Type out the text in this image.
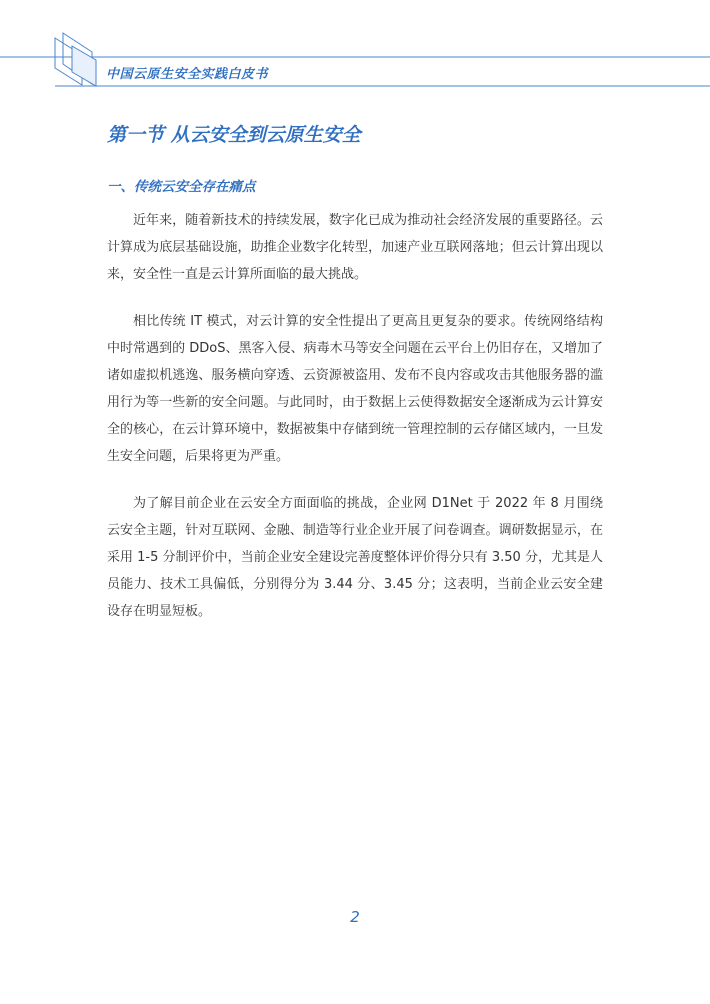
中国云原生安全实践白皮书
第一节 从云安全到云原生安全
一、传统云安全存在痛点

近年来，随着新技术的持续发展，数字化已成为推动社会经济发展的重要路径。云计算成为底层基础设施，助推企业数字化转型，加速产业互联网落地；但云计算出现以来，安全性一直是云计算所面临的最大挑战。

相比传统 IT 模式，对云计算的安全性提出了更高且更复杂的要求。传统网络结构中时常遇到的 DDoS、黑客入侵、病毒木马等安全问题在云平台上仍旧存在，又增加了诸如虚拟机逃逸、服务横向穿透、云资源被盗用、发布不良内容或攻击其他服务器的滥用行为等一些新的安全问题。与此同时，由于数据上云使得数据安全逐渐成为云计算安全的核心，在云计算环境中，数据被集中存储到统一管理控制的云存储区域内，一旦发生安全问题，后果将更为严重。

为了解目前企业在云安全方面面临的挑战，企业网 D1Net 于 2022 年 8 月围绕云安全主题，针对互联网、金融、制造等行业企业开展了问卷调查。调研数据显示，在采用 1-5 分制评价中，当前企业安全建设完善度整体评价得分只有 3.50 分，尤其是人员能力、技术工具偏低，分别得分为 3.44 分、3.45 分；这表明，当前企业云安全建设存在明显短板。

2
